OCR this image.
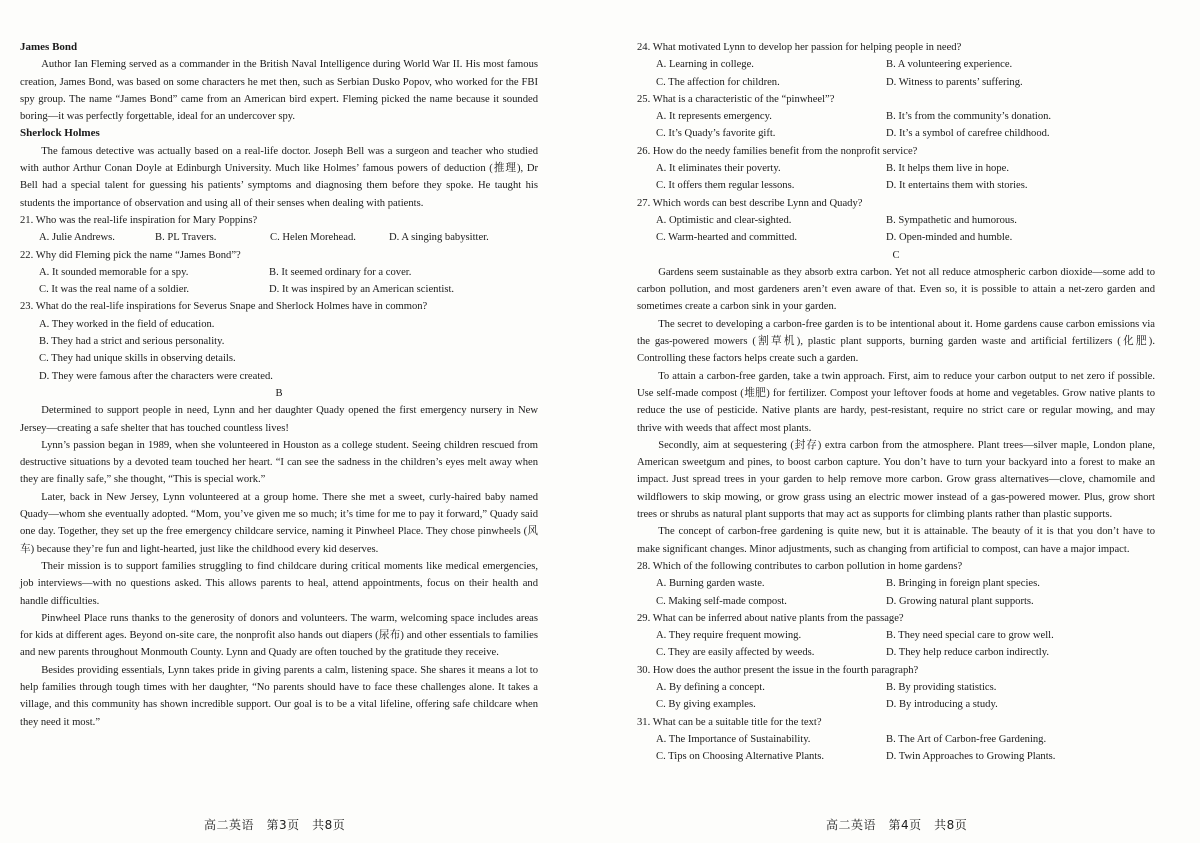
James Bond
Author Ian Fleming served as a commander in the British Naval Intelligence during World War II. His most famous creation, James Bond, was based on some characters he met then, such as Serbian Dusko Popov, who worked for the FBI spy group. The name “James Bond” came from an American bird expert. Fleming picked the name because it sounded boring—it was perfectly forgettable, ideal for an undercover spy.
Sherlock Holmes
The famous detective was actually based on a real-life doctor. Joseph Bell was a surgeon and teacher who studied with author Arthur Conan Doyle at Edinburgh University. Much like Holmes’ famous powers of deduction (推理), Dr Bell had a special talent for guessing his patients’ symptoms and diagnosing them before they spoke. He taught his students the importance of observation and using all of their senses when dealing with patients.
21. Who was the real-life inspiration for Mary Poppins?
A. Julie Andrews.	B. PL Travers.	C. Helen Morehead.	D. A singing babysitter.
22. Why did Fleming pick the name “James Bond”?
A. It sounded memorable for a spy.	B. It seemed ordinary for a cover.
C. It was the real name of a soldier.	D. It was inspired by an American scientist.
23. What do the real-life inspirations for Severus Snape and Sherlock Holmes have in common?
A. They worked in the field of education.
B. They had a strict and serious personality.
C. They had unique skills in observing details.
D. They were famous after the characters were created.
B
Determined to support people in need, Lynn and her daughter Quady opened the first emergency nursery in New Jersey—creating a safe shelter that has touched countless lives!
Lynn’s passion began in 1989, when she volunteered in Houston as a college student. Seeing children rescued from destructive situations by a devoted team touched her heart. “I can see the sadness in the children’s eyes melt away when they are finally safe,” she thought, “This is special work.”
Later, back in New Jersey, Lynn volunteered at a group home. There she met a sweet, curly-haired baby named Quady—whom she eventually adopted. “Mom, you’ve given me so much; it’s time for me to pay it forward,” Quady said one day. Together, they set up the free emergency childcare service, naming it Pinwheel Place. They chose pinwheels (风车) because they’re fun and light-hearted, just like the childhood every kid deserves.
Their mission is to support families struggling to find childcare during critical moments like medical emergencies, job interviews—with no questions asked. This allows parents to heal, attend appointments, focus on their health and handle difficulties.
Pinwheel Place runs thanks to the generosity of donors and volunteers. The warm, welcoming space includes areas for kids at different ages. Beyond on-site care, the nonprofit also hands out diapers (尿布) and other essentials to families and new parents throughout Monmouth County. Lynn and Quady are often touched by the gratitude they receive.
Besides providing essentials, Lynn takes pride in giving parents a calm, listening space. She shares it means a lot to help families through tough times with her daughter, “No parents should have to face these challenges alone. It takes a village, and this community has shown incredible support. Our goal is to be a vital lifeline, offering safe childcare when they need it most.”
24. What motivated Lynn to develop her passion for helping people in need?
A. Learning in college.	B. A volunteering experience.
C. The affection for children.	D. Witness to parents’ suffering.
25. What is a characteristic of the “pinwheel”?
A. It represents emergency.	B. It’s from the community’s donation.
C. It’s Quady’s favorite gift.	D. It’s a symbol of carefree childhood.
26. How do the needy families benefit from the nonprofit service?
A. It eliminates their poverty.	B. It helps them live in hope.
C. It offers them regular lessons.	D. It entertains them with stories.
27. Which words can best describe Lynn and Quady?
A. Optimistic and clear-sighted.	B. Sympathetic and humorous.
C. Warm-hearted and committed.	D. Open-minded and humble.
C
Gardens seem sustainable as they absorb extra carbon. Yet not all reduce atmospheric carbon dioxide—some add to carbon pollution, and most gardeners aren’t even aware of that. Even so, it is possible to attain a net-zero garden and sometimes create a carbon sink in your garden.
The secret to developing a carbon-free garden is to be intentional about it. Home gardens cause carbon emissions via the gas-powered mowers (割草机), plastic plant supports, burning garden waste and artificial fertilizers (化肥). Controlling these factors helps create such a garden.
To attain a carbon-free garden, take a twin approach. First, aim to reduce your carbon output to net zero if possible. Use self-made compost (堆肥) for fertilizer. Compost your leftover foods at home and vegetables. Grow native plants to reduce the use of pesticide. Native plants are hardy, pest-resistant, require no strict care or regular mowing, and may thrive with weeds that affect most plants.
Secondly, aim at sequestering (封存) extra carbon from the atmosphere. Plant trees—silver maple, London plane, American sweetgum and pines, to boost carbon capture. You don’t have to turn your backyard into a forest to make an impact. Just spread trees in your garden to help remove more carbon. Grow grass alternatives—clove, chamomile and wildflowers to skip mowing, or grow grass using an electric mower instead of a gas-powered mower. Plus, grow short trees or shrubs as natural plant supports that may act as supports for climbing plants rather than plastic supports.
The concept of carbon-free gardening is quite new, but it is attainable. The beauty of it is that you don’t have to make significant changes. Minor adjustments, such as changing from artificial to compost, can have a major impact.
28. Which of the following contributes to carbon pollution in home gardens?
A. Burning garden waste.	B. Bringing in foreign plant species.
C. Making self-made compost.	D. Growing natural plant supports.
29. What can be inferred about native plants from the passage?
A. They require frequent mowing.	B. They need special care to grow well.
C. They are easily affected by weeds.	D. They help reduce carbon indirectly.
30. How does the author present the issue in the fourth paragraph?
A. By defining a concept.	B. By providing statistics.
C. By giving examples.	D. By introducing a study.
31. What can be a suitable title for the text?
A. The Importance of Sustainability.	B. The Art of Carbon-free Gardening.
C. Tips on Choosing Alternative Plants.	D. Twin Approaches to Growing Plants.
高二英语　第3页　共8页	高二英语　第4页　共8页
